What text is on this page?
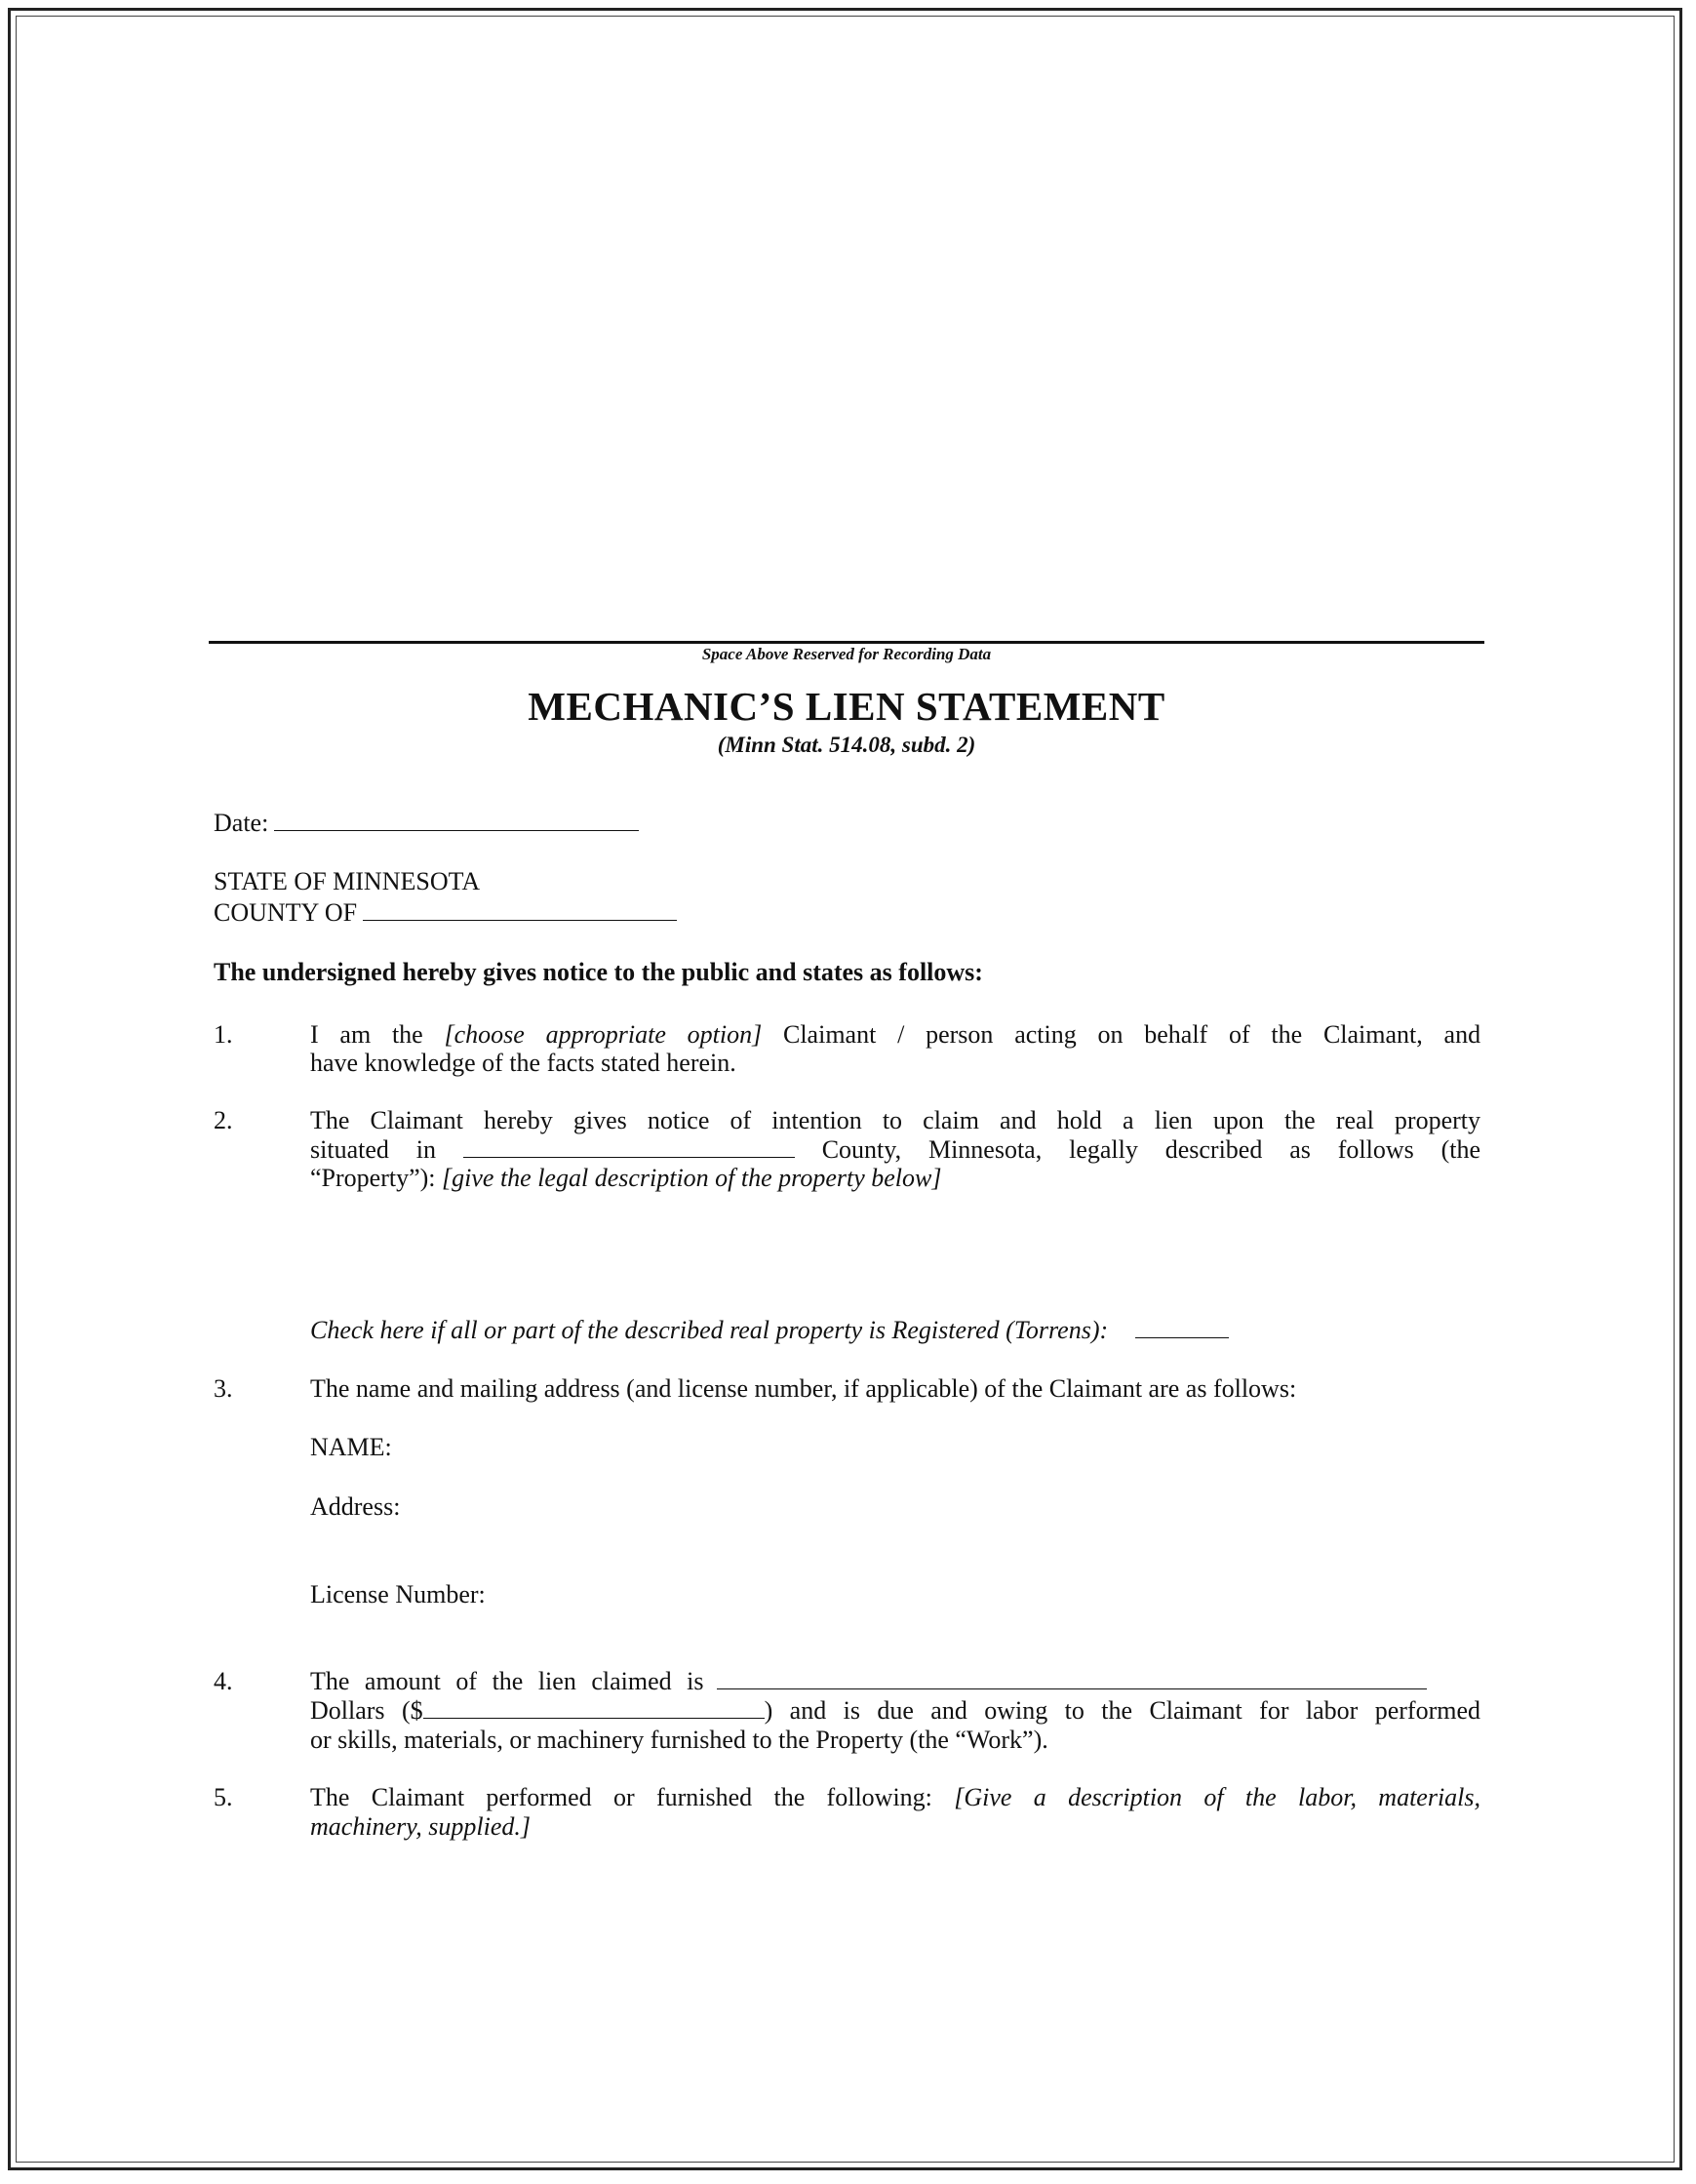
Space Above Reserved for Recording Data
MECHANIC’S LIEN STATEMENT
(Minn Stat. 514.08, subd. 2)
Date:
STATE OF MINNESOTA
COUNTY OF
The undersigned hereby gives notice to the public and states as follows:
1.	I am the [choose appropriate option] Claimant / person acting on behalf of the Claimant, and
have knowledge of the facts stated herein.
2.	The Claimant hereby gives notice of intention to claim and hold a lien upon the real property
situated in	County, Minnesota, legally described as follows (the
“Property”): [give the legal description of the property below]
Check here if all or part of the described real property is Registered (Torrens):
3.	The name and mailing address (and license number, if applicable) of the Claimant are as follows:
NAME:
Address:
License Number:
4.	The amount of the lien claimed is
Dollars ($	) and is due and owing to the Claimant for labor performed
or skills, materials, or machinery furnished to the Property (the “Work”).
5.	The Claimant performed or furnished the following: [Give a description of the labor, materials,
machinery, supplied.]
